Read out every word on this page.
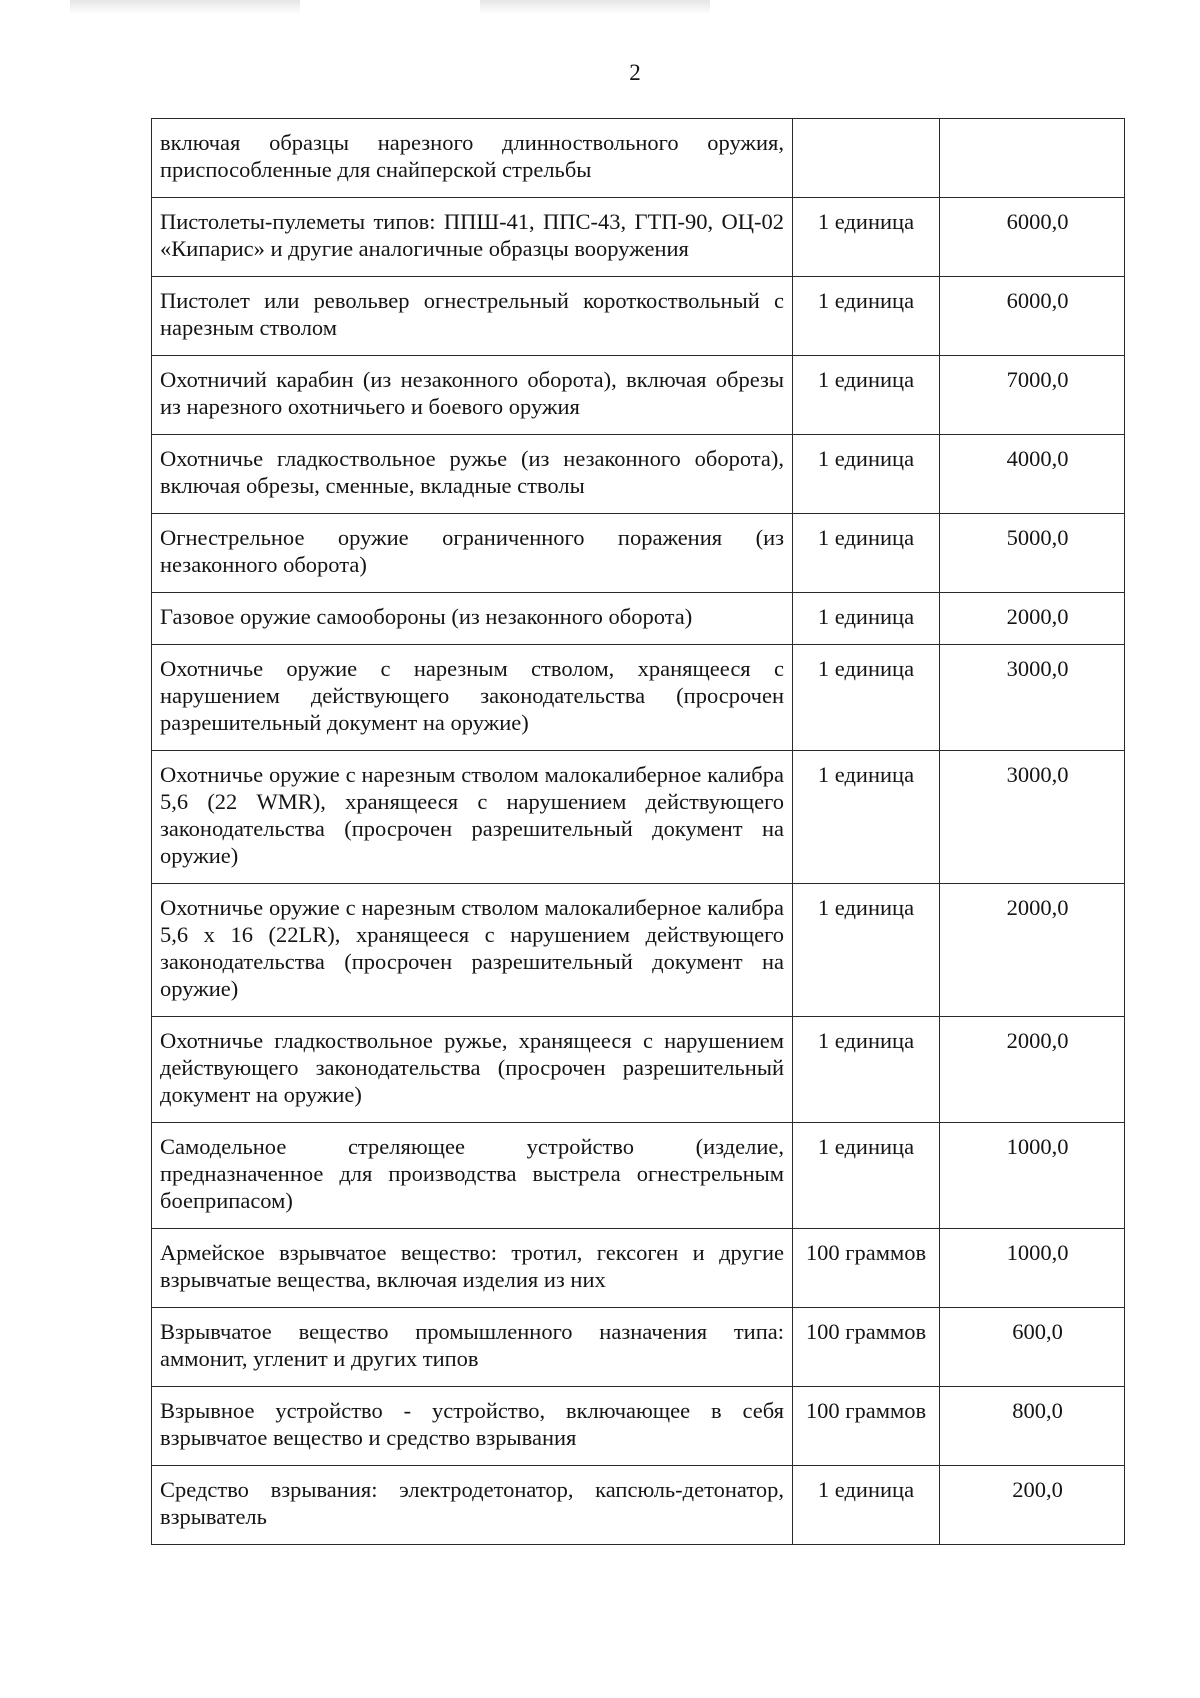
2
включая образцы нарезного длинноствольного оружия, приспособленные для снайперской стрельбы		
Пистолеты-пулеметы типов: ППШ-41, ППС-43, ГТП-90, ОЦ-02 «Кипарис» и другие аналогичные образцы вооружения	1 единица	6000,0
Пистолет или револьвер огнестрельный короткоствольный с нарезным стволом	1 единица	6000,0
Охотничий карабин (из незаконного оборота), включая обрезы из нарезного охотничьего и боевого оружия	1 единица	7000,0
Охотничье гладкоствольное ружье (из незаконного оборота), включая обрезы, сменные, вкладные стволы	1 единица	4000,0
Огнестрельное оружие ограниченного поражения (из незаконного оборота)	1 единица	5000,0
Газовое оружие самообороны (из незаконного оборота)	1 единица	2000,0
Охотничье оружие с нарезным стволом, хранящееся с нарушением действующего законодательства (просрочен разрешительный документ на оружие)	1 единица	3000,0
Охотничье оружие с нарезным стволом малокалиберное калибра 5,6 (22 WMR), хранящееся с нарушением действующего законодательства (просрочен разрешительный документ на оружие)	1 единица	3000,0
Охотничье оружие с нарезным стволом малокалиберное калибра 5,6 x 16 (22LR), хранящееся с нарушением действующего законодательства (просрочен разрешительный документ на оружие)	1 единица	2000,0
Охотничье гладкоствольное ружье, хранящееся с нарушением действующего законодательства (просрочен разрешительный документ на оружие)	1 единица	2000,0
Самодельное стреляющее устройство (изделие, предназначенное для производства выстрела огнестрельным боеприпасом)	1 единица	1000,0
Армейское взрывчатое вещество: тротил, гексоген и другие взрывчатые вещества, включая изделия из них	100 граммов	1000,0
Взрывчатое вещество промышленного назначения типа: аммонит, угленит и других типов	100 граммов	600,0
Взрывное устройство - устройство, включающее в себя взрывчатое вещество и средство взрывания	100 граммов	800,0
Средство взрывания: электродетонатор, капсюль-детонатор, взрыватель	1 единица	200,0
